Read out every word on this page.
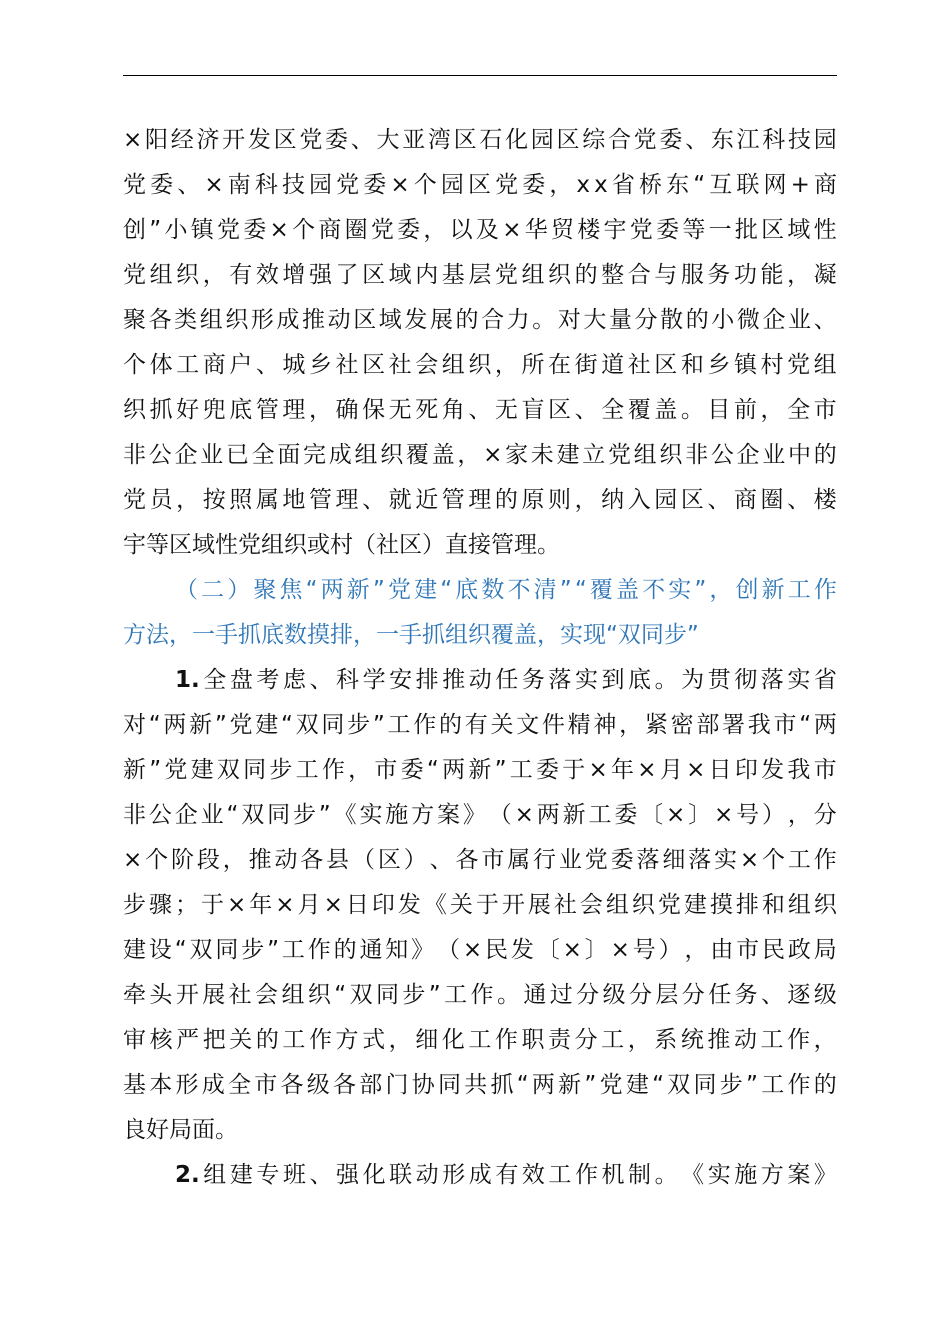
× 阳 经 济 开 发 区 党 委 、 大 亚 湾 区 石 化 园 区 综 合 党 委 、 东 江 科 技 园
党 委 、 × 南 科 技 园 党 委 × 个 园 区 党 委 ， x x 省 桥 东 “ 互 联 网 + 商
创 ” 小 镇 党 委 × 个 商 圈 党 委 ， 以 及 × 华 贸 楼 宇 党 委 等 一 批 区 域 性
党 组 织 ， 有 效 增 强 了 区 域 内 基 层 党 组 织 的 整 合 与 服 务 功 能 ， 凝
聚 各 类 组 织 形 成 推 动 区 域 发 展 的 合 力 。 对 大 量 分 散 的 小 微 企 业 、
个 体 工 商 户 、 城 乡 社 区 社 会 组 织 ， 所 在 街 道 社 区 和 乡 镇 村 党 组
织 抓 好 兜 底 管 理 ， 确 保 无 死 角 、 无 盲 区 、 全 覆 盖 。 目 前 ， 全 市
非 公 企 业 已 全 面 完 成 组 织 覆 盖 ， × 家 未 建 立 党 组 织 非 公 企 业 中 的
党 员 ， 按 照 属 地 管 理 、 就 近 管 理 的 原 则 ， 纳 入 园 区 、 商 圈 、 楼
宇等区域性党组织或村（社区）直接管理。
（ 二 ） 聚 焦 “ 两 新 ” 党 建 “ 底 数 不 清 ” “ 覆 盖 不 实 ” ， 创 新 工 作
方法，一手抓底数摸排，一手抓组织覆盖，实现“双同步”
1. 全 盘 考 虑 、 科 学 安 排 推 动 任 务 落 实 到 底 。 为 贯 彻 落 实 省
对 “ 两 新 ” 党 建 “ 双 同 步 ” 工 作 的 有 关 文 件 精 神 ， 紧 密 部 署 我 市 “ 两
新 ” 党 建 双 同 步 工 作 ， 市 委 “ 两 新 ” 工 委 于 × 年 × 月 × 日 印 发 我 市
非 公 企 业 “ 双 同 步 ” 《 实 施 方 案 》 （ × 两 新 工 委 〔 × 〕 × 号 ） ， 分
× 个 阶 段 ， 推 动 各 县 （ 区 ） 、 各 市 属 行 业 党 委 落 细 落 实 × 个 工 作
步 骤 ； 于 × 年 × 月 × 日 印 发 《 关 于 开 展 社 会 组 织 党 建 摸 排 和 组 织
建 设 “ 双 同 步 ” 工 作 的 通 知 》 （ × 民 发 〔 × 〕 × 号 ） ， 由 市 民 政 局
牵 头 开 展 社 会 组 织 “ 双 同 步 ” 工 作 。 通 过 分 级 分 层 分 任 务 、 逐 级
审 核 严 把 关 的 工 作 方 式 ， 细 化 工 作 职 责 分 工 ， 系 统 推 动 工 作 ，
基 本 形 成 全 市 各 级 各 部 门 协 同 共 抓 “ 两 新 ” 党 建 “ 双 同 步 ” 工 作 的
良好局面。
2. 组 建 专 班 、 强 化 联 动 形 成 有 效 工 作 机 制 。 《 实 施 方 案 》
